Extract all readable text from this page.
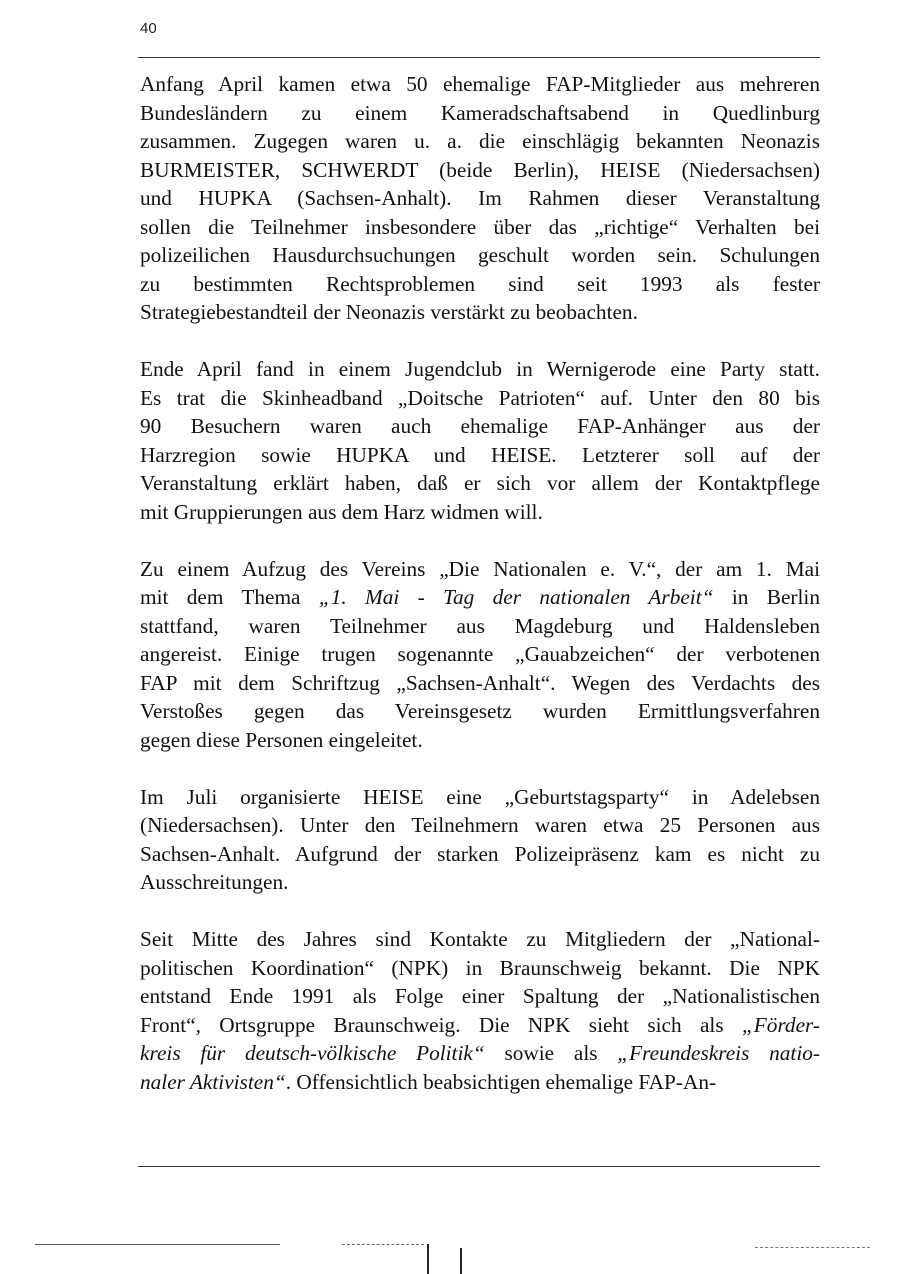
40
Anfang April kamen etwa 50 ehemalige FAP-Mitglieder aus mehreren
Bundesländern zu einem Kameradschaftsabend in Quedlinburg
zusammen. Zugegen waren u. a. die einschlägig bekannten Neonazis
BURMEISTER, SCHWERDT (beide Berlin), HEISE (Niedersachsen)
und HUPKA (Sachsen-Anhalt). Im Rahmen dieser Veranstaltung
sollen die Teilnehmer insbesondere über das „richtige“ Verhalten bei
polizeilichen Hausdurchsuchungen geschult worden sein. Schulungen
zu bestimmten Rechtsproblemen sind seit 1993 als fester
Strategiebestandteil der Neonazis verstärkt zu beobachten.
Ende April fand in einem Jugendclub in Wernigerode eine Party statt.
Es trat die Skinheadband „Doitsche Patrioten“ auf. Unter den 80 bis
90 Besuchern waren auch ehemalige FAP-Anhänger aus der
Harzregion sowie HUPKA und HEISE. Letzterer soll auf der
Veranstaltung erklärt haben, daß er sich vor allem der Kontaktpflege
mit Gruppierungen aus dem Harz widmen will.
Zu einem Aufzug des Vereins „Die Nationalen e. V.“, der am 1. Mai
mit dem Thema „1. Mai - Tag der nationalen Arbeit“ in Berlin
stattfand, waren Teilnehmer aus Magdeburg und Haldensleben
angereist. Einige trugen sogenannte „Gauabzeichen“ der verbotenen
FAP mit dem Schriftzug „Sachsen-Anhalt“. Wegen des Verdachts des
Verstoßes gegen das Vereinsgesetz wurden Ermittlungsverfahren
gegen diese Personen eingeleitet.
Im Juli organisierte HEISE eine „Geburtstagsparty“ in Adelebsen
(Niedersachsen). Unter den Teilnehmern waren etwa 25 Personen aus
Sachsen-Anhalt. Aufgrund der starken Polizeipräsenz kam es nicht zu
Ausschreitungen.
Seit Mitte des Jahres sind Kontakte zu Mitgliedern der „National-
politischen Koordination“ (NPK) in Braunschweig bekannt. Die NPK
entstand Ende 1991 als Folge einer Spaltung der „Nationalistischen
Front“, Ortsgruppe Braunschweig. Die NPK sieht sich als „Förder-
kreis für deutsch-völkische Politik“ sowie als „Freundeskreis natio-
naler Aktivisten“. Offensichtlich beabsichtigen ehemalige FAP-An-
